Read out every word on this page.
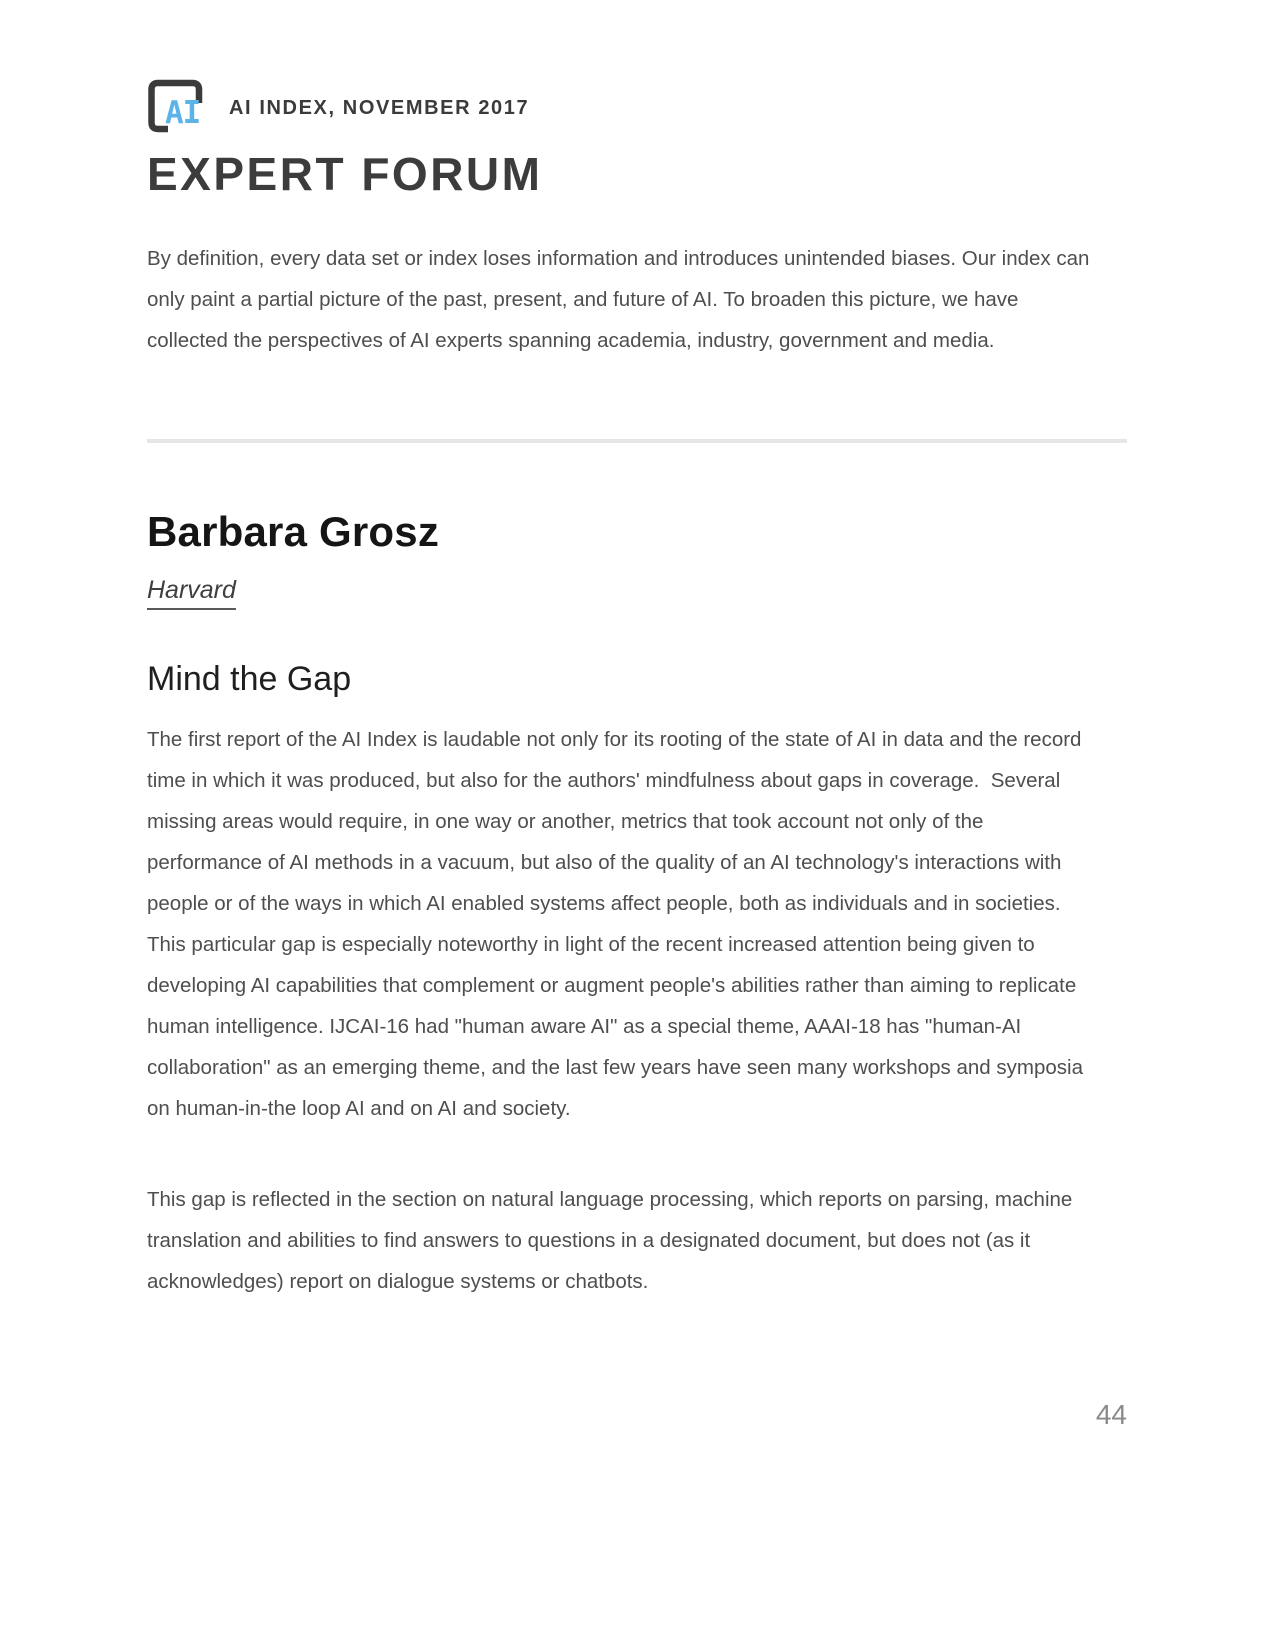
AI AI INDEX, NOVEMBER 2017
EXPERT FORUM

By definition, every data set or index loses information and introduces unintended biases. Our index can only paint a partial picture of the past, present, and future of AI. To broaden this picture, we have collected the perspectives of AI experts spanning academia, industry, government and media.

Barbara Grosz
Harvard
Mind the Gap

The first report of the AI Index is laudable not only for its rooting of the state of AI in data and the record time in which it was produced, but also for the authors' mindfulness about gaps in coverage.  Several missing areas would require, in one way or another, metrics that took account not only of the performance of AI methods in a vacuum, but also of the quality of an AI technology's interactions with people or of the ways in which AI enabled systems affect people, both as individuals and in societies. This particular gap is especially noteworthy in light of the recent increased attention being given to developing AI capabilities that complement or augment people's abilities rather than aiming to replicate human intelligence. IJCAI-16 had "human aware AI" as a special theme, AAAI-18 has "human-AI collaboration" as an emerging theme, and the last few years have seen many workshops and symposia on human-in-the loop AI and on AI and society.

This gap is reflected in the section on natural language processing, which reports on parsing, machine translation and abilities to find answers to questions in a designated document, but does not (as it acknowledges) report on dialogue systems or chatbots.

44
